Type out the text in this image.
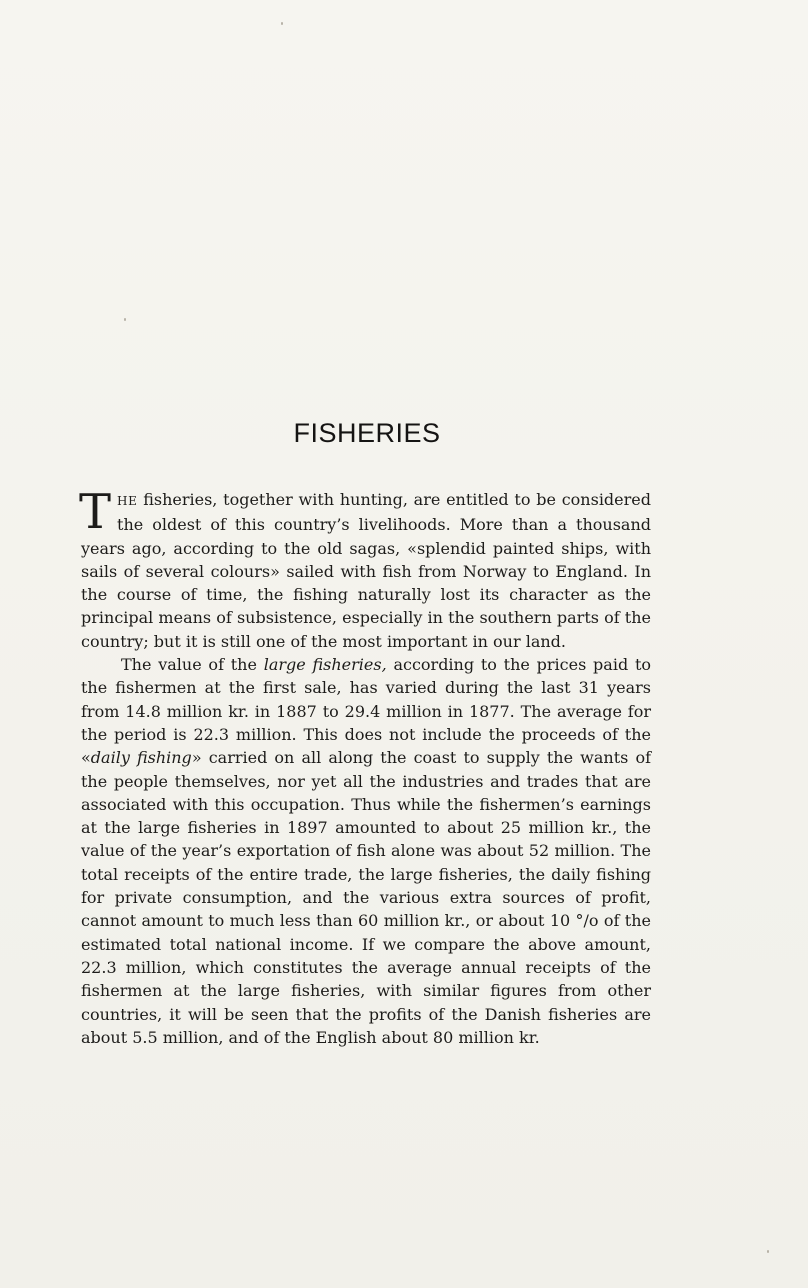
FISHERIES

THE fisheries, together with hunting, are entitled to be considered the oldest of this country’s livelihoods. More than a thousand years ago, according to the old sagas, «splendid painted ships, with sails of several colours» sailed with fish from Norway to England. In the course of time, the fishing naturally lost its character as the principal means of subsistence, especially in the southern parts of the country; but it is still one of the most important in our land.

The value of the large fisheries, according to the prices paid to the fishermen at the first sale, has varied during the last 31 years from 14.8 million kr. in 1887 to 29.4 million in 1877. The average for the period is 22.3 million. This does not include the proceeds of the «daily fishing» carried on all along the coast to supply the wants of the people themselves, nor yet all the industries and trades that are associated with this occupation. Thus while the fishermen’s earnings at the large fisheries in 1897 amounted to about 25 million kr., the value of the year’s exportation of fish alone was about 52 million. The total receipts of the entire trade, the large fisheries, the daily fishing for private consumption, and the various extra sources of profit, cannot amount to much less than 60 million kr., or about 10 °/o of the estimated total national income. If we compare the above amount, 22.3 million, which constitutes the average annual receipts of the fishermen at the large fisheries, with similar figures from other countries, it will be seen that the profits of the Danish fisheries are about 5.5 million, and of the English about 80 million kr.
